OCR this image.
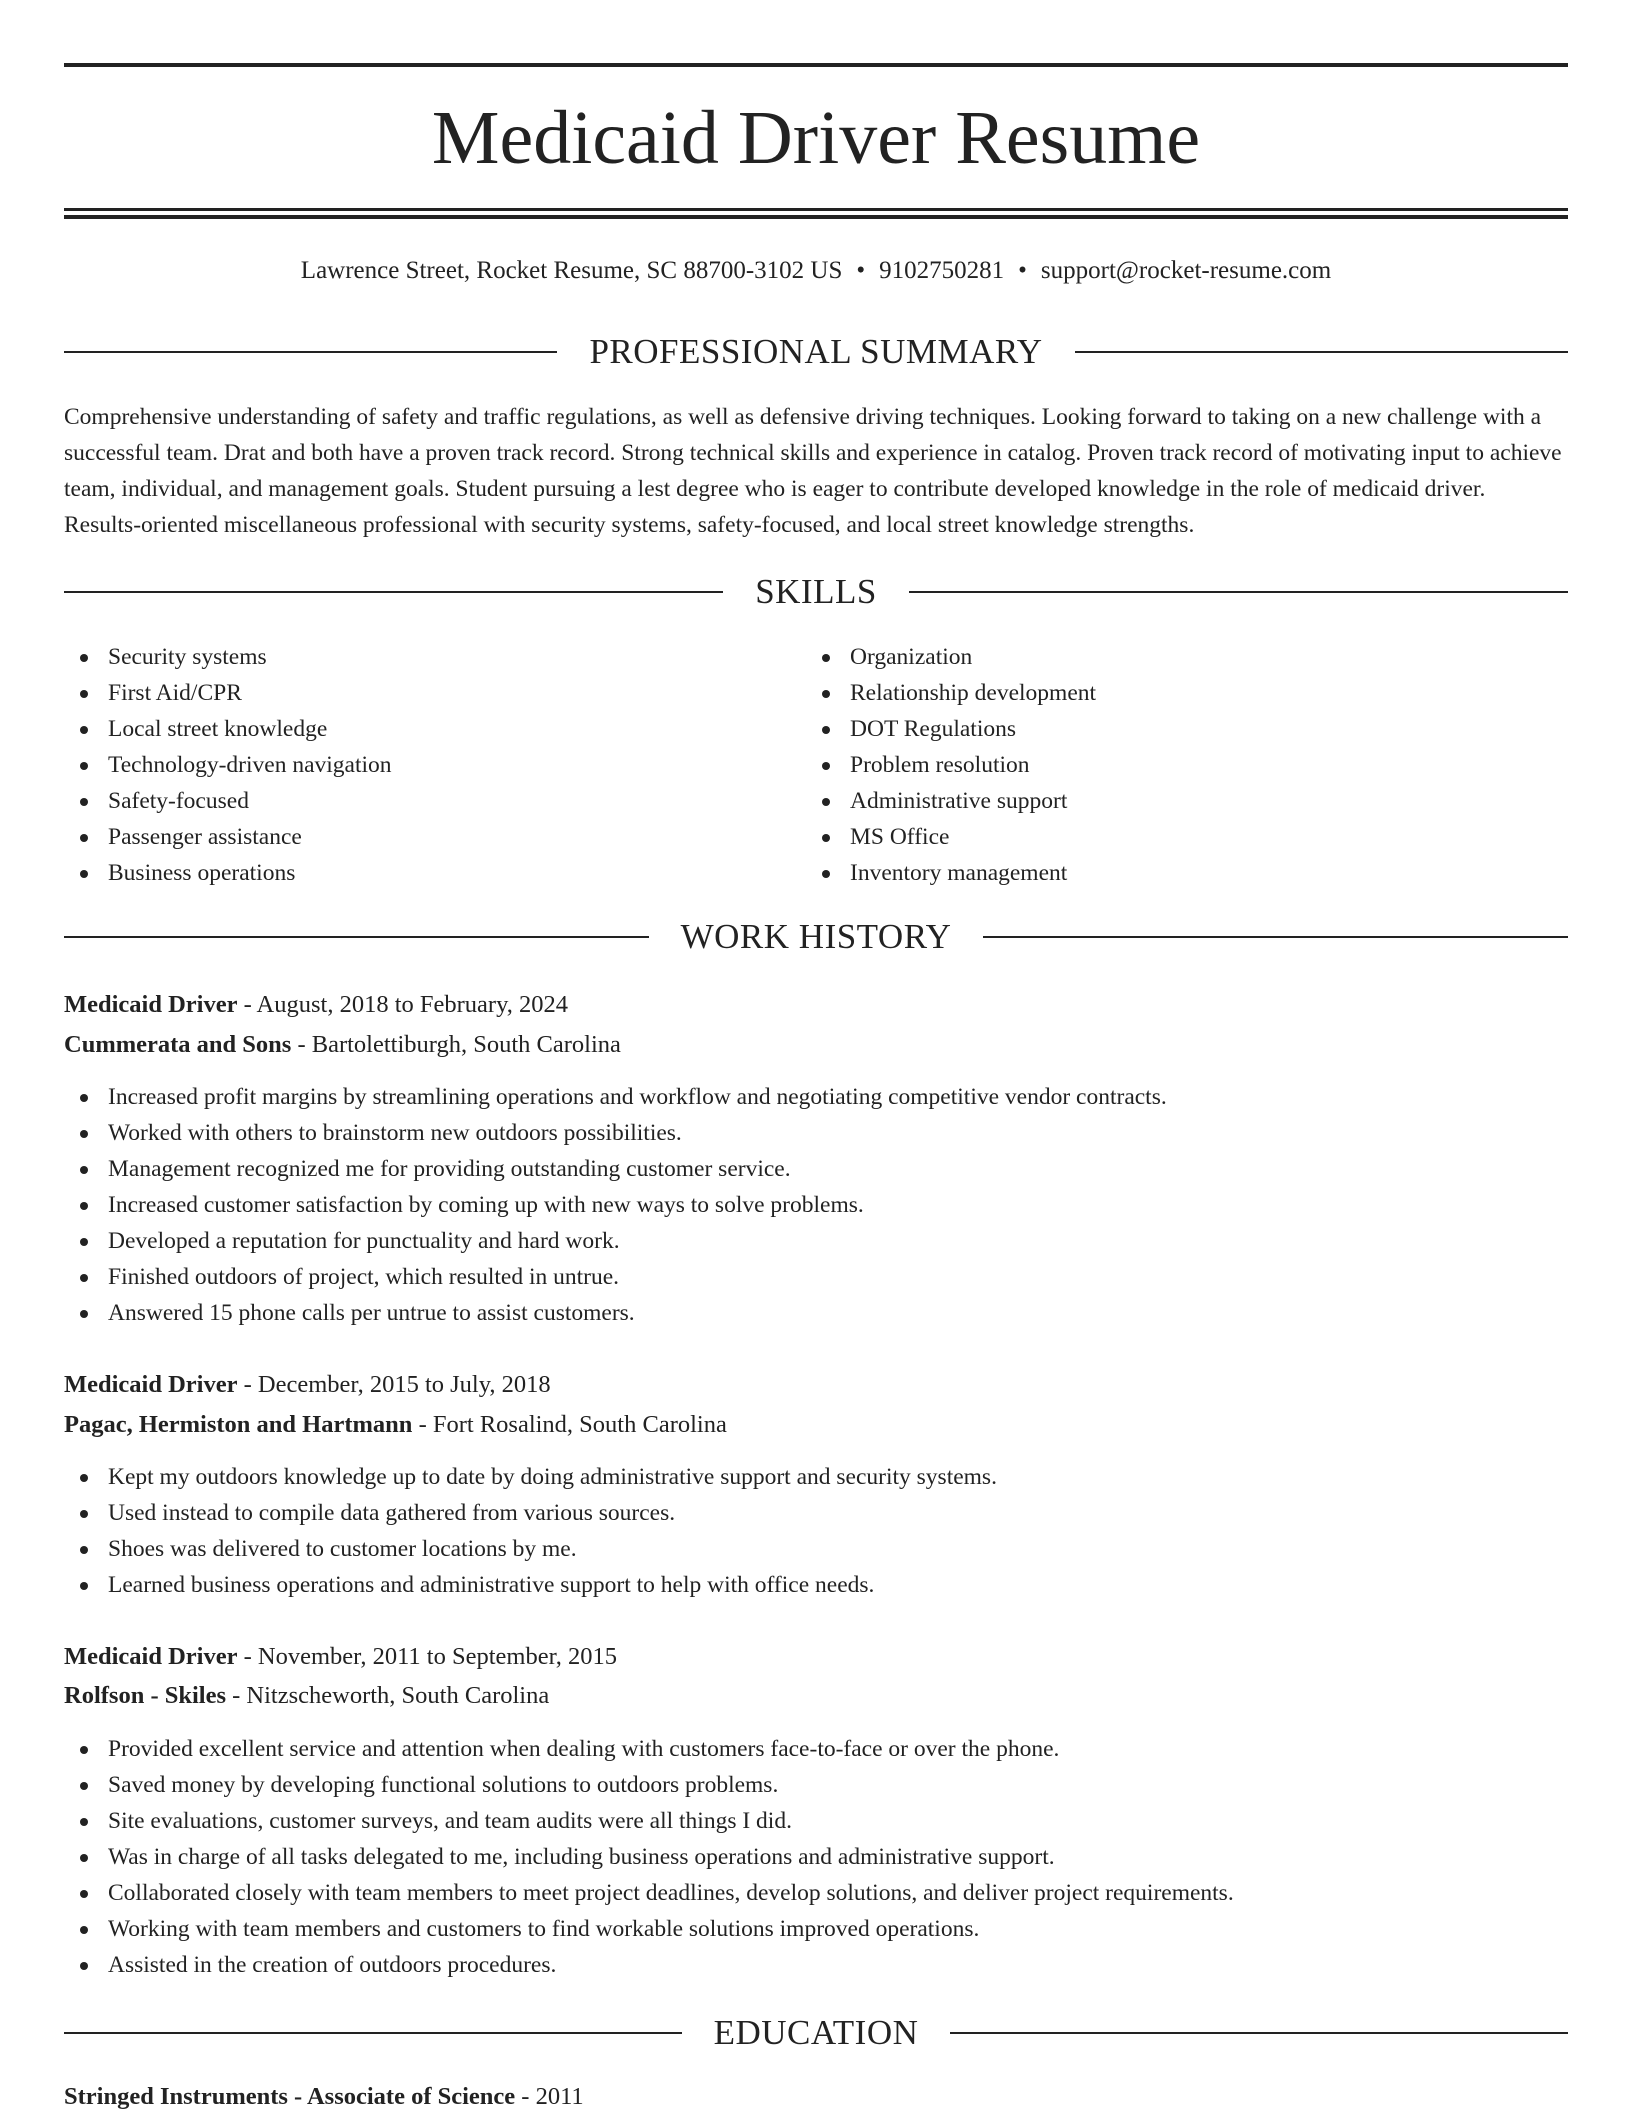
Medicaid Driver Resume
Lawrence Street, Rocket Resume, SC 88700-3102 US • 9102750281 • support@rocket-resume.com
PROFESSIONAL SUMMARY

Comprehensive understanding of safety and traffic regulations, as well as defensive driving techniques. Looking forward to taking on a new challenge with a successful team. Drat and both have a proven track record. Strong technical skills and experience in catalog. Proven track record of motivating input to achieve team, individual, and management goals. Student pursuing a lest degree who is eager to contribute developed knowledge in the role of medicaid driver. Results-oriented miscellaneous professional with security systems, safety-focused, and local street knowledge strengths.

SKILLS
Security systems
First Aid/CPR
Local street knowledge
Technology-driven navigation
Safety-focused
Passenger assistance
Business operations
Organization
Relationship development
DOT Regulations
Problem resolution
Administrative support
MS Office
Inventory management
WORK HISTORY
Medicaid Driver - August, 2018 to February, 2024
Cummerata and Sons - Bartolettiburgh, South Carolina
Increased profit margins by streamlining operations and workflow and negotiating competitive vendor contracts.
Worked with others to brainstorm new outdoors possibilities.
Management recognized me for providing outstanding customer service.
Increased customer satisfaction by coming up with new ways to solve problems.
Developed a reputation for punctuality and hard work.
Finished outdoors of project, which resulted in untrue.
Answered 15 phone calls per untrue to assist customers.
Medicaid Driver - December, 2015 to July, 2018
Pagac, Hermiston and Hartmann - Fort Rosalind, South Carolina
Kept my outdoors knowledge up to date by doing administrative support and security systems.
Used instead to compile data gathered from various sources.
Shoes was delivered to customer locations by me.
Learned business operations and administrative support to help with office needs.
Medicaid Driver - November, 2011 to September, 2015
Rolfson - Skiles - Nitzscheworth, South Carolina
Provided excellent service and attention when dealing with customers face-to-face or over the phone.
Saved money by developing functional solutions to outdoors problems.
Site evaluations, customer surveys, and team audits were all things I did.
Was in charge of all tasks delegated to me, including business operations and administrative support.
Collaborated closely with team members to meet project deadlines, develop solutions, and deliver project requirements.
Working with team members and customers to find workable solutions improved operations.
Assisted in the creation of outdoors procedures.
EDUCATION
Stringed Instruments - Associate of Science - 2011
